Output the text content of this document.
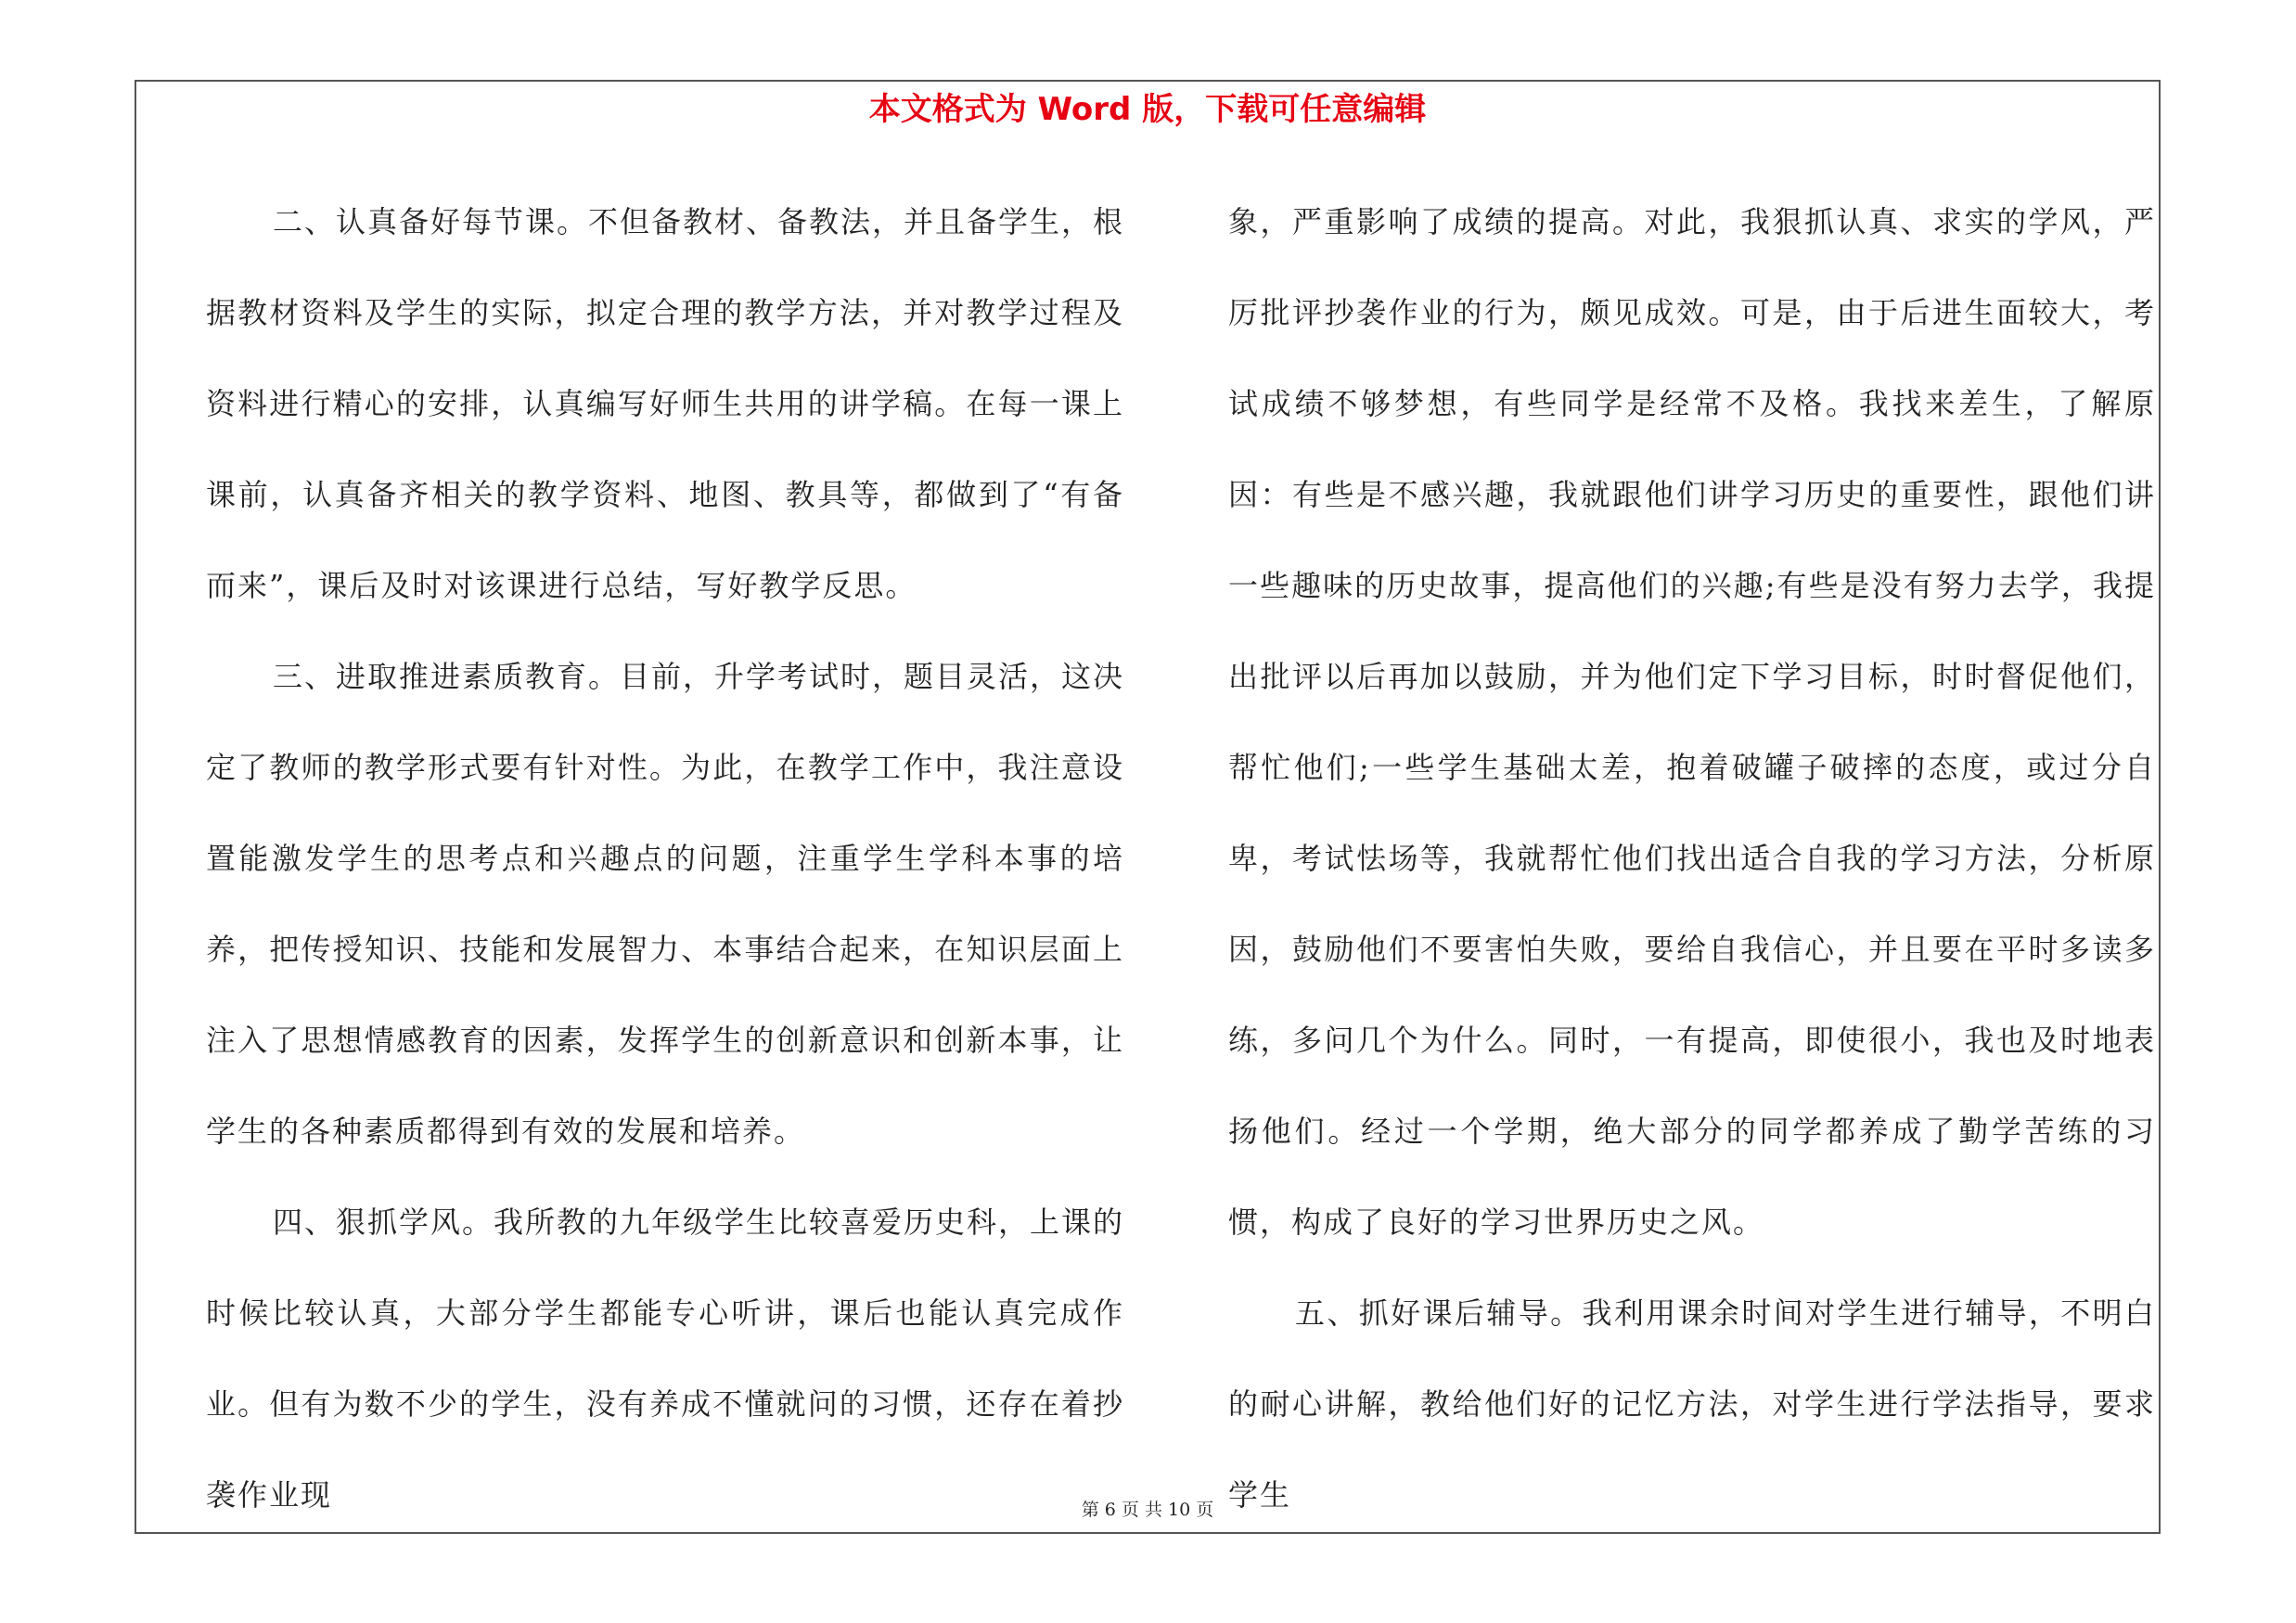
本文格式为 Word 版，下载可任意编辑

二、认真备好每节课。不但备教材、备教法，并且备学生，根据教材资料及学生的实际，拟定合理的教学方法，并对教学过程及资料进行精心的安排，认真编写好师生共用的讲学稿。在每一课上课前，认真备齐相关的教学资料、地图、教具等，都做到了“有备而来”，课后及时对该课进行总结，写好教学反思。

三、进取推进素质教育。目前，升学考试时，题目灵活，这决定了教师的教学形式要有针对性。为此，在教学工作中，我注意设置能激发学生的思考点和兴趣点的问题，注重学生学科本事的培养，把传授知识、技能和发展智力、本事结合起来，在知识层面上注入了思想情感教育的因素，发挥学生的创新意识和创新本事，让学生的各种素质都得到有效的发展和培养。

四、狠抓学风。我所教的九年级学生比较喜爱历史科，上课的时候比较认真，大部分学生都能专心听讲，课后也能认真完成作业。但有为数不少的学生，没有养成不懂就问的习惯，还存在着抄袭作业现

象，严重影响了成绩的提高。对此，我狠抓认真、求实的学风，严厉批评抄袭作业的行为，颇见成效。可是，由于后进生面较大，考试成绩不够梦想，有些同学是经常不及格。我找来差生，了解原因：有些是不感兴趣，我就跟他们讲学习历史的重要性，跟他们讲一些趣味的历史故事，提高他们的兴趣;有些是没有努力去学，我提出批评以后再加以鼓励，并为他们定下学习目标，时时督促他们，帮忙他们;一些学生基础太差，抱着破罐子破摔的态度，或过分自卑，考试怯场等，我就帮忙他们找出适合自我的学习方法，分析原因，鼓励他们不要害怕失败，要给自我信心，并且要在平时多读多练，多问几个为什么。同时，一有提高，即使很小，我也及时地表扬他们。经过一个学期，绝大部分的同学都养成了勤学苦练的习惯，构成了良好的学习世界历史之风。

五、抓好课后辅导。我利用课余时间对学生进行辅导，不明白的耐心讲解，教给他们好的记忆方法，对学生进行学法指导，要求学生

第 6 页 共 10 页
